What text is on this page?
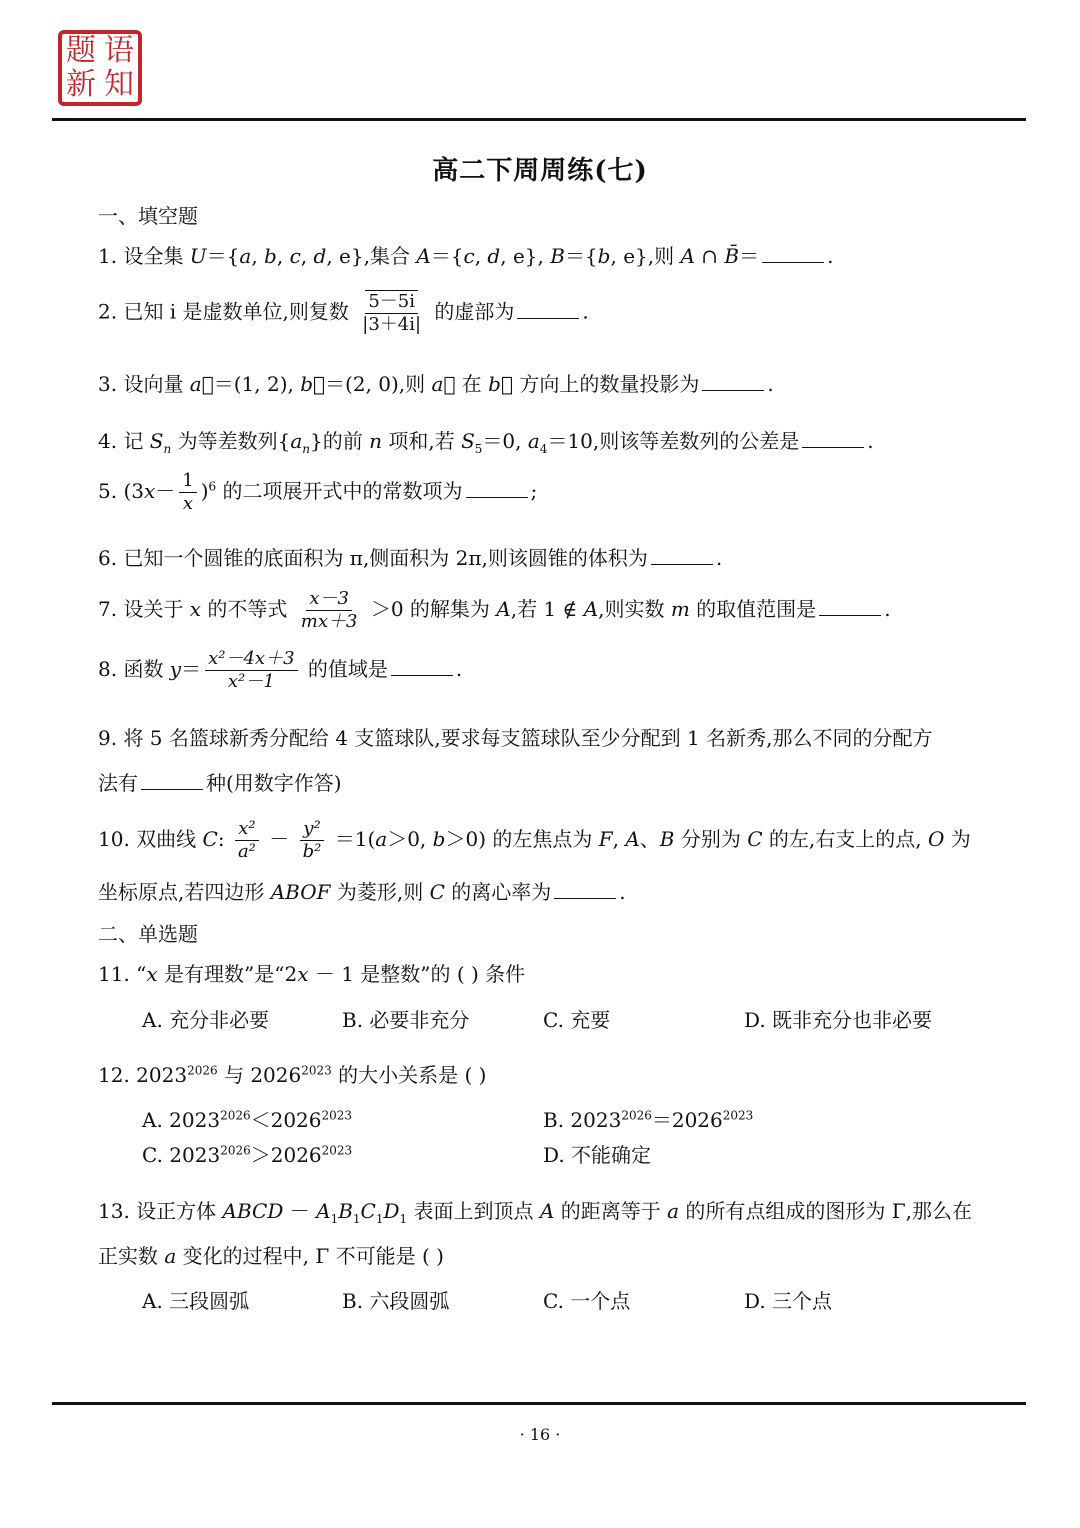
题 语
新 知
高二下周周练(七)
一、填空题
1. 设全集 U＝{a, b, c, d, e},集合 A＝{c, d, e}, B＝{b, e},则 A ∩ B̄＝	.
2. 已知 i 是虚数单位,则复数 $\frac{5-5i}{|3+4i|}$ 的虚部为	.
3. 设向量 a⃗＝(1, 2), b⃗＝(2, 0),则 a⃗ 在 b⃗ 方向上的数量投影为	.
4. 记 $S_n$ 为等差数列$\{a_n\}$的前 n 项和,若 $S_5=0$, $a_4=10$,则该等差数列的公差是	.
5. $(3x- \frac{1}{x} )^6$ 的二项展开式中的常数项为	;
6. 已知一个圆锥的底面积为 π,侧面积为 2π,则该圆锥的体积为	.
7. 设关于 x 的不等式 $\frac{x-3}{mx+3} >0$ 的解集为 A,若 1 ∉ A,则实数 m 的取值范围是	.
8. 函数 $y= \frac{\text{x²－4x＋3}}{\text{x²－1}}$ 的值域是	.
9. 将 5 名篮球新秀分配给 4 支篮球队,要求每支篮球队至少分配到 1 名新秀,那么不同的分配方
法有	种(用数字作答)
10. 双曲线 C: $\frac{\text{x²}}{\text{a²}} - \frac{\text{y²}}{\text{b²}} =1(a>0$, b＞0) 的左焦点为 F, A、B 分别为 C 的左,右支上的点, O 为
坐标原点,若四边形 ABOF 为菱形,则 C 的离心率为	.
二、单选题
11. “x 是有理数”是“2x － 1 是整数”的 ( ) 条件
A. 充分非必要	B. 必要非充分	C. 充要	D. 既非充分也非必要
12. $2023^{2026}$ 与 $2026^{2023}$ 的大小关系是 ( )
A. $2023^{2026}<2026^{2023}$	B. $2023^{2026}=2026^{2023}$
C. $2023^{2026}>2026^{2023}$	D. 不能确定
13. 设正方体 ABCD － $A_1B_1C_1D_1$ 表面上到顶点 A 的距离等于 a 的所有点组成的图形为 Γ,那么在
正实数 a 变化的过程中, Γ 不可能是 ( )
A. 三段圆弧	B. 六段圆弧	C. 一个点	D. 三个点
· 16 ·
